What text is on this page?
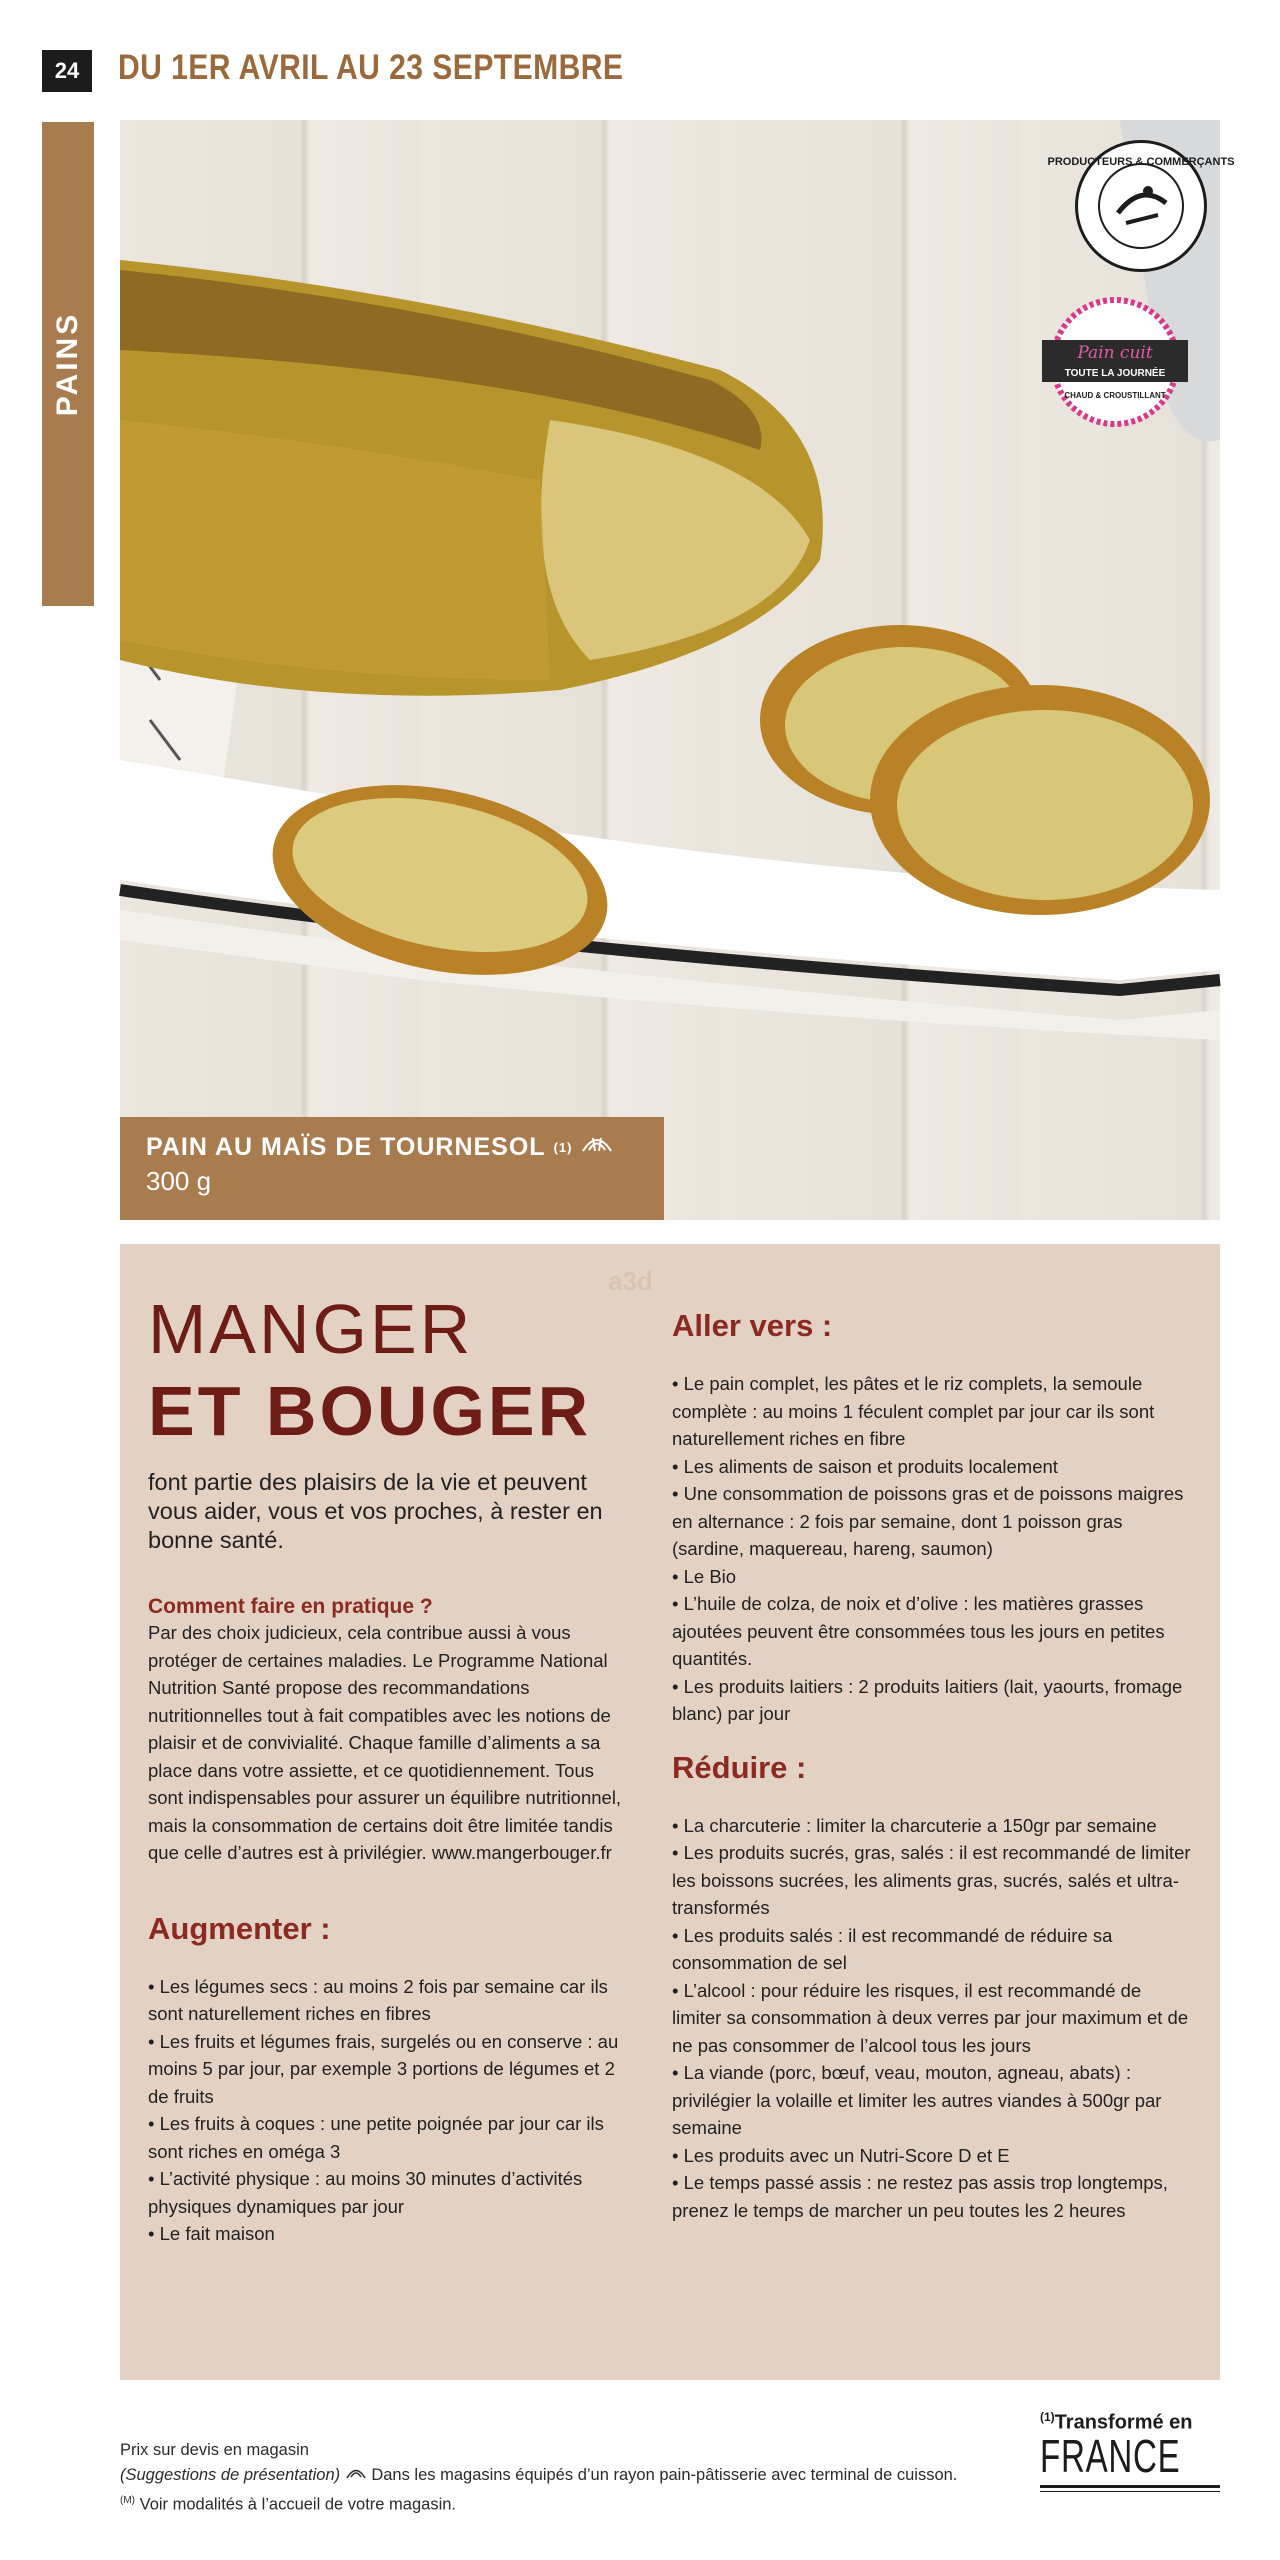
24	DU 1ER AVRIL AU 23 SEPTEMBRE
PAINS
PRODUCTEURS & COMMERÇANTS
Pain cuit
TOUTE LA JOURNÉE
CHAUD & CROUSTILLANT
PAIN AU MAÏS DE TOURNESOL (1)
300 g
a3d
MANGER
ET BOUGER
font partie des plaisirs de la vie et peuvent vous aider, vous et vos proches, à rester en bonne santé.
Comment faire en pratique ?
Par des choix judicieux, cela contribue aussi à vous protéger de certaines maladies. Le Programme National Nutrition Santé propose des recommandations nutritionnelles tout à fait compatibles avec les notions de plaisir et de convivialité. Chaque famille d’aliments a sa place dans votre assiette, et ce quotidiennement. Tous sont indispensables pour assurer un équilibre nutritionnel, mais la consommation de certains doit être limitée tandis que celle d’autres est à privilégier. www.mangerbouger.fr
Augmenter :
• Les légumes secs : au moins 2 fois par semaine car ils sont naturellement riches en fibres
• Les fruits et légumes frais, surgelés ou en conserve : au moins 5 par jour, par exemple 3 portions de légumes et 2 de fruits
• Les fruits à coques : une petite poignée par jour car ils sont riches en oméga 3
• L’activité physique : au moins 30 minutes d’activités physiques dynamiques par jour
• Le fait maison
Aller vers :
• Le pain complet, les pâtes et le riz complets, la semoule complète : au moins 1 féculent complet par jour car ils sont naturellement riches en fibre
• Les aliments de saison et produits localement
• Une consommation de poissons gras et de poissons maigres en alternance : 2 fois par semaine, dont 1 poisson gras (sardine, maquereau, hareng, saumon)
• Le Bio
• L’huile de colza, de noix et d’olive : les matières grasses ajoutées peuvent être consommées tous les jours en petites quantités.
• Les produits laitiers : 2 produits laitiers (lait, yaourts, fromage blanc) par jour
Réduire :
• La charcuterie : limiter la charcuterie a 150gr par semaine
• Les produits sucrés, gras, salés : il est recommandé de limiter les boissons sucrées, les aliments gras, sucrés, salés et ultra-transformés
• Les produits salés : il est recommandé de réduire sa consommation de sel
• L’alcool : pour réduire les risques, il est recommandé de limiter sa consommation à deux verres par jour maximum et de ne pas consommer de l’alcool tous les jours
• La viande (porc, bœuf, veau, mouton, agneau, abats) : privilégier la volaille et limiter les autres viandes à 500gr par semaine
• Les produits avec un Nutri-Score D et E
• Le temps passé assis : ne restez pas assis trop longtemps, prenez le temps de marcher un peu toutes les 2 heures
Prix sur devis en magasin
(Suggestions de présentation) Dans les magasins équipés d’un rayon pain-pâtisserie avec terminal de cuisson.
$^{(M)}$ Voir modalités à l’accueil de votre magasin.
$^{(1)}$Transformé en
FRANCE
